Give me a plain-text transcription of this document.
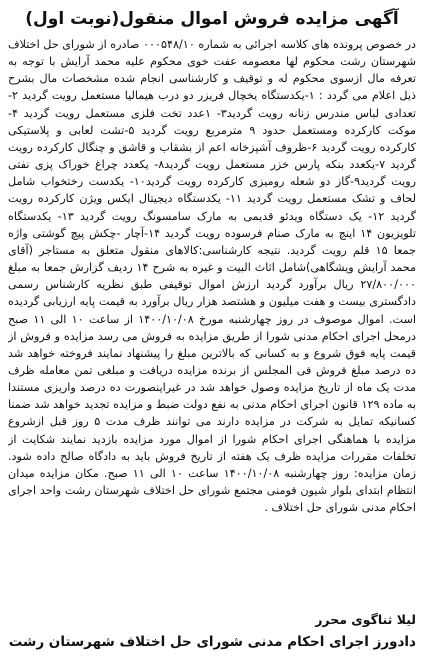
آگهی مزایده فروش اموال منقول(نوبت اول)

در خصوص پرونده های کلاسه اجرائی به شماره ۰۰۰۵۴۸/۱۰ صادره از شورای حل اختلاف شهرستان رشت محکوم لها معصومه عفت خوی محکوم علیه محمد آرایش با توجه به تعرفه مال ازسوی محکوم له و توقیف و کارشناسی انجام شده مشخصات مال بشرح ذیل اعلام می گردد : ۱-یکدستگاه یخچال فریزر دو درب هیمالیا مستعمل رویت گردید ۲- تعدادی لباس مندرس زنانه رویت گردید۳- ۱عدد تخت فلزی مستعمل رویت گردید ۴- موکت کارکرده ومستعمل حدود ۹ مترمربع رویت گردید ۵-تشت لعابی و پلاستیکی کارکرده رویت گردید ۶-ظروف آشپزخانه اعم از بشقاب و قاشق و چنگال کارکرده رویت گردید ۷-یکعدد بنکه پارس خزر مستعمل رویت گردید۸- یکعدد چراغ خوراک پزی نفتی رویت گردید۹-گاز دو شعله رومیزی کارکرده رویت گردید۱۰- یکدست رختخواب شامل لحاف و تشک مستعمل رویت گردید ۱۱- یکدستگاه دیجیتال ایکس ویژن کارکرده رویت گردید ۱۲- یک دستگاه ویدئو قدیمی به مارک سامسونگ رویت گردید ۱۳- یکدستگاه تلویزیون ۱۴ اینچ به مارک صنام فرسوده رویت گردید ۱۴-آچار -چکش پیچ گوشتی واژه جمعا ۱۵ قلم رویت گردید. نتیجه کارشناسی:کالاهای منقول متعلق به مستاجر (آقای محمد آرایش ویشگاهی)شامل اثاث البیت و غیره به شرح ۱۴ ردیف گزارش جمعا به مبلغ ۲۷/۸۰۰/۰۰۰ ریال برآورد گردید ارزش اموال توقیفی طبق نظریه کارشناس رسمی دادگستری بیست و هفت میلیون و هشتصد هزار ریال برآورد به قیمت پایه ارزیابی گردیده است. اموال موصوف در روز چهارشنبه مورخ ۱۴۰۰/۱۰/۰۸ از ساعت ۱۰ الی ۱۱ صبح درمحل اجرای احکام مدنی شورا از طریق مزایده به فروش می رسد مزایده و فروش از قیمت پایه فوق شروع و به کسانی که بالاترین مبلغ را پیشنهاد نمایند فروخته خواهد شد ده درصد مبلغ فروش فی المجلس از برنده مزایده دریافت و مبلغی تمن معامله ظرف مدت یک ماه از تاریخ مزایده وصول خواهد شد در غیراینصورت ده درصد واریزی مستندا به ماده ۱۲۹ قانون اجرای احکام مدنی به نفع دولت ضبط و مزایده تجدید خواهد شد ضمنا کسانیکه تمایل به شرکت در مزایده دارند می توانند ظرف مدت ۵ روز قبل ازشروع مزایده با هماهنگی اجرای احکام شورا از اموال مورد مزایده بازدید نمایند شکایت از تخلفات مقررات مزایده ظرف یک هفته از تاریخ فروش باید به دادگاه صالح داده شود. زمان مزایده: روز چهارشنبه ۱۴۰۰/۱۰/۰۸ ساعت ۱۰ الی ۱۱ صبح. مکان مزایده میدان انتظام ابتدای بلوار شیون فومنی مجتمع شورای حل اختلاف شهرستان رشت واحد اجرای احکام مدنی شورای حل اختلاف .

لیلا ثناگوی محرر
دادورز اجرای احکام مدنی شورای حل اختلاف شهرستان رشت
